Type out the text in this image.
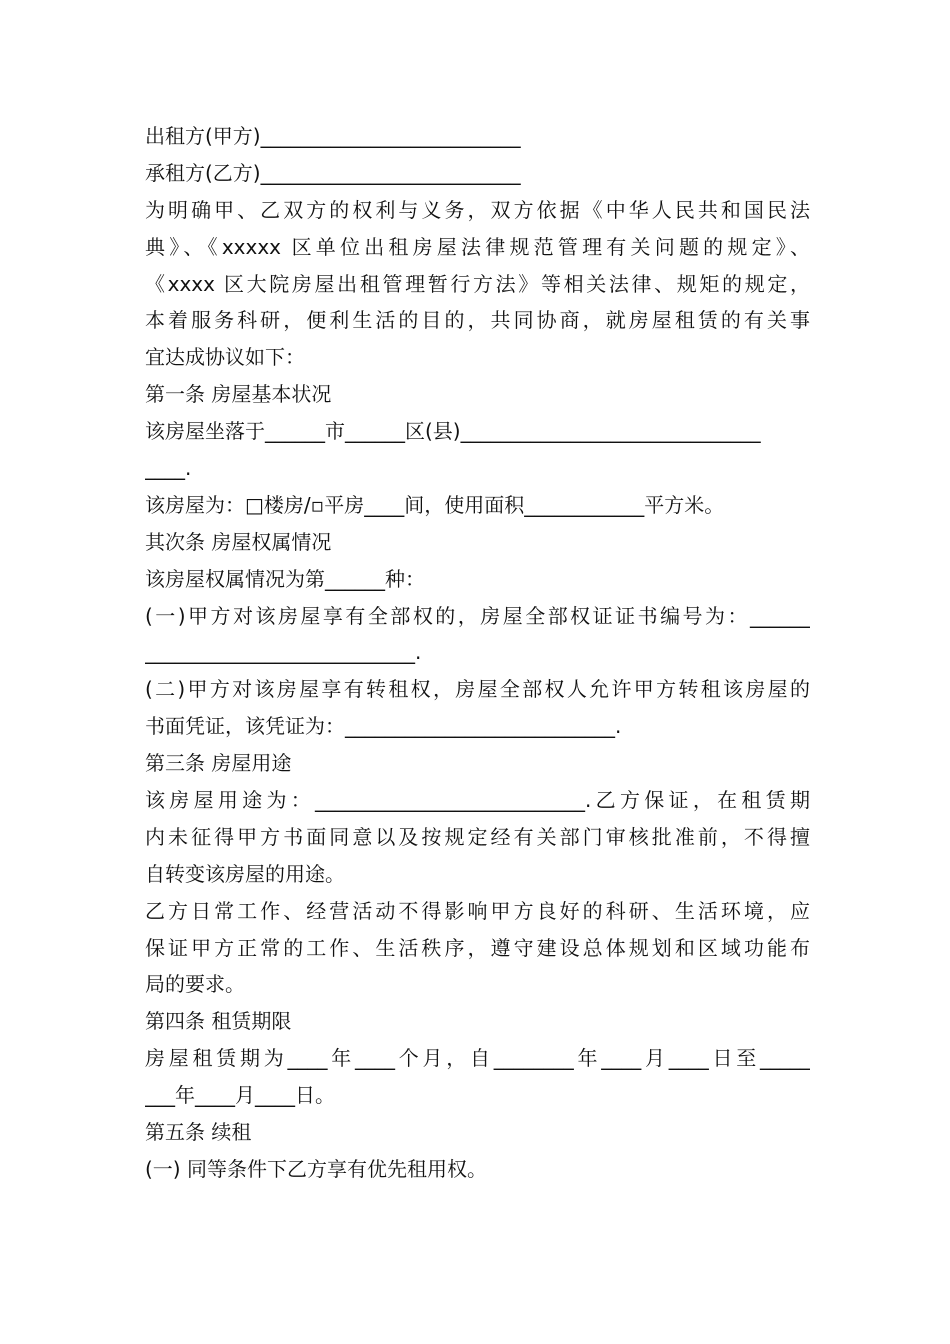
出租方(甲方)__________________________
承租方(乙方)__________________________
为明确甲、乙双方的权利与义务，双方依据《中华人民共和国民法
典》、《xxxxx 区单位出租房屋法律规范管理有关问题的规定》、
《xxxx 区大院房屋出租管理暂行方法》等相关法律、规矩的规定，
本着服务科研，便利生活的目的，共同协商，就房屋租赁的有关事
宜达成协议如下：
第一条 房屋基本状况
该房屋坐落于______市______区(县)______________________________
____.
该房屋为：□楼房/▫平房____间，使用面积____________平方米。
其次条 房屋权属情况
该房屋权属情况为第______种：
(一)甲方对该房屋享有全部权的，房屋全部权证证书编号为：______
___________________________.
(二)甲方对该房屋享有转租权，房屋全部权人允许甲方转租该房屋的
书面凭证，该凭证为：___________________________.
第三条 房屋用途
该房屋用途为：___________________________.乙方保证，在租赁期
内未征得甲方书面同意以及按规定经有关部门审核批准前，不得擅
自转变该房屋的用途。
乙方日常工作、经营活动不得影响甲方良好的科研、生活环境，应
保证甲方正常的工作、生活秩序，遵守建设总体规划和区域功能布
局的要求。
第四条 租赁期限
房屋租赁期为____年____个月，自________年____月____日至_____
___年____月____日。
第五条 续租
(一) 同等条件下乙方享有优先租用权。
